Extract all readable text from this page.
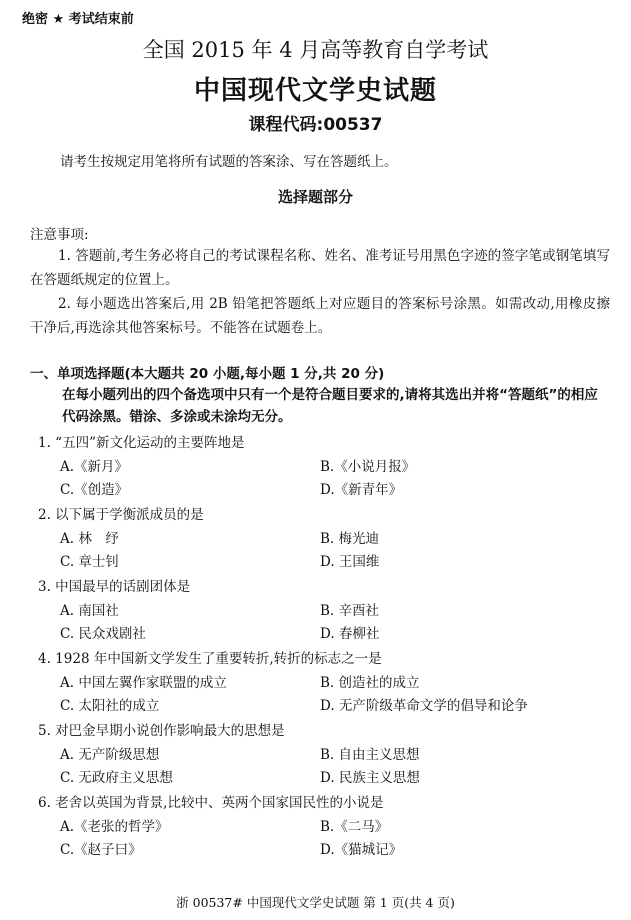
绝密 ★ 考试结束前
全国 2015 年 4 月高等教育自学考试
中国现代文学史试题
课程代码:00537
请考生按规定用笔将所有试题的答案涂、写在答题纸上。
选择题部分
注意事项:
1. 答题前,考生务必将自己的考试课程名称、姓名、准考证号用黑色字迹的签字笔或钢笔填写在答题纸规定的位置上。
2. 每小题选出答案后,用 2B 铅笔把答题纸上对应题目的答案标号涂黑。如需改动,用橡皮擦干净后,再选涂其他答案标号。不能答在试题卷上。
一、单项选择题(本大题共 20 小题,每小题 1 分,共 20 分)
在每小题列出的四个备选项中只有一个是符合题目要求的,请将其选出并将“答题纸”的相应代码涂黑。错涂、多涂或未涂均无分。
1. “五四”新文化运动的主要阵地是
A.《新月》	B.《小说月报》
C.《创造》	D.《新青年》
2. 以下属于学衡派成员的是
A. 林　纾	B. 梅光迪
C. 章士钊	D. 王国维
3. 中国最早的话剧团体是
A. 南国社	B. 辛酉社
C. 民众戏剧社	D. 春柳社
4. 1928 年中国新文学发生了重要转折,转折的标志之一是
A. 中国左翼作家联盟的成立	B. 创造社的成立
C. 太阳社的成立	D. 无产阶级革命文学的倡导和论争
5. 对巴金早期小说创作影响最大的思想是
A. 无产阶级思想	B. 自由主义思想
C. 无政府主义思想	D. 民族主义思想
6. 老舍以英国为背景,比较中、英两个国家国民性的小说是
A.《老张的哲学》	B.《二马》
C.《赵子曰》	D.《猫城记》
浙 00537# 中国现代文学史试题 第 1 页(共 4 页)
